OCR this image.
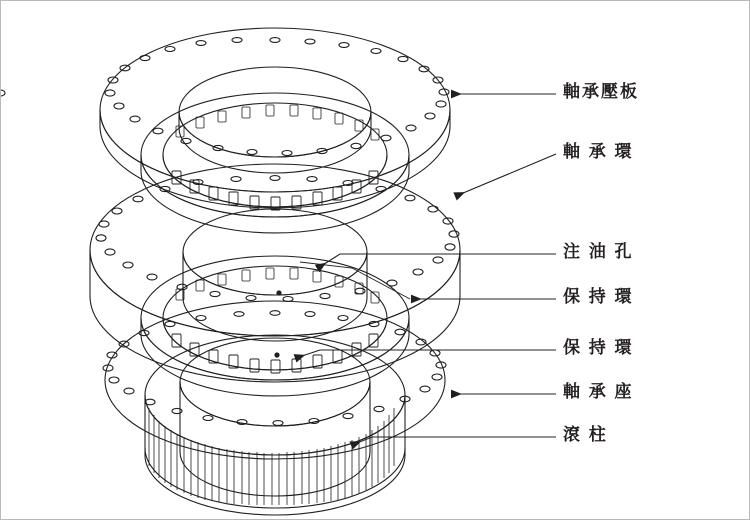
軸承壓板
軸 承 環
注 油 孔
保 持 環
保 持 環
軸 承 座
滾 柱
